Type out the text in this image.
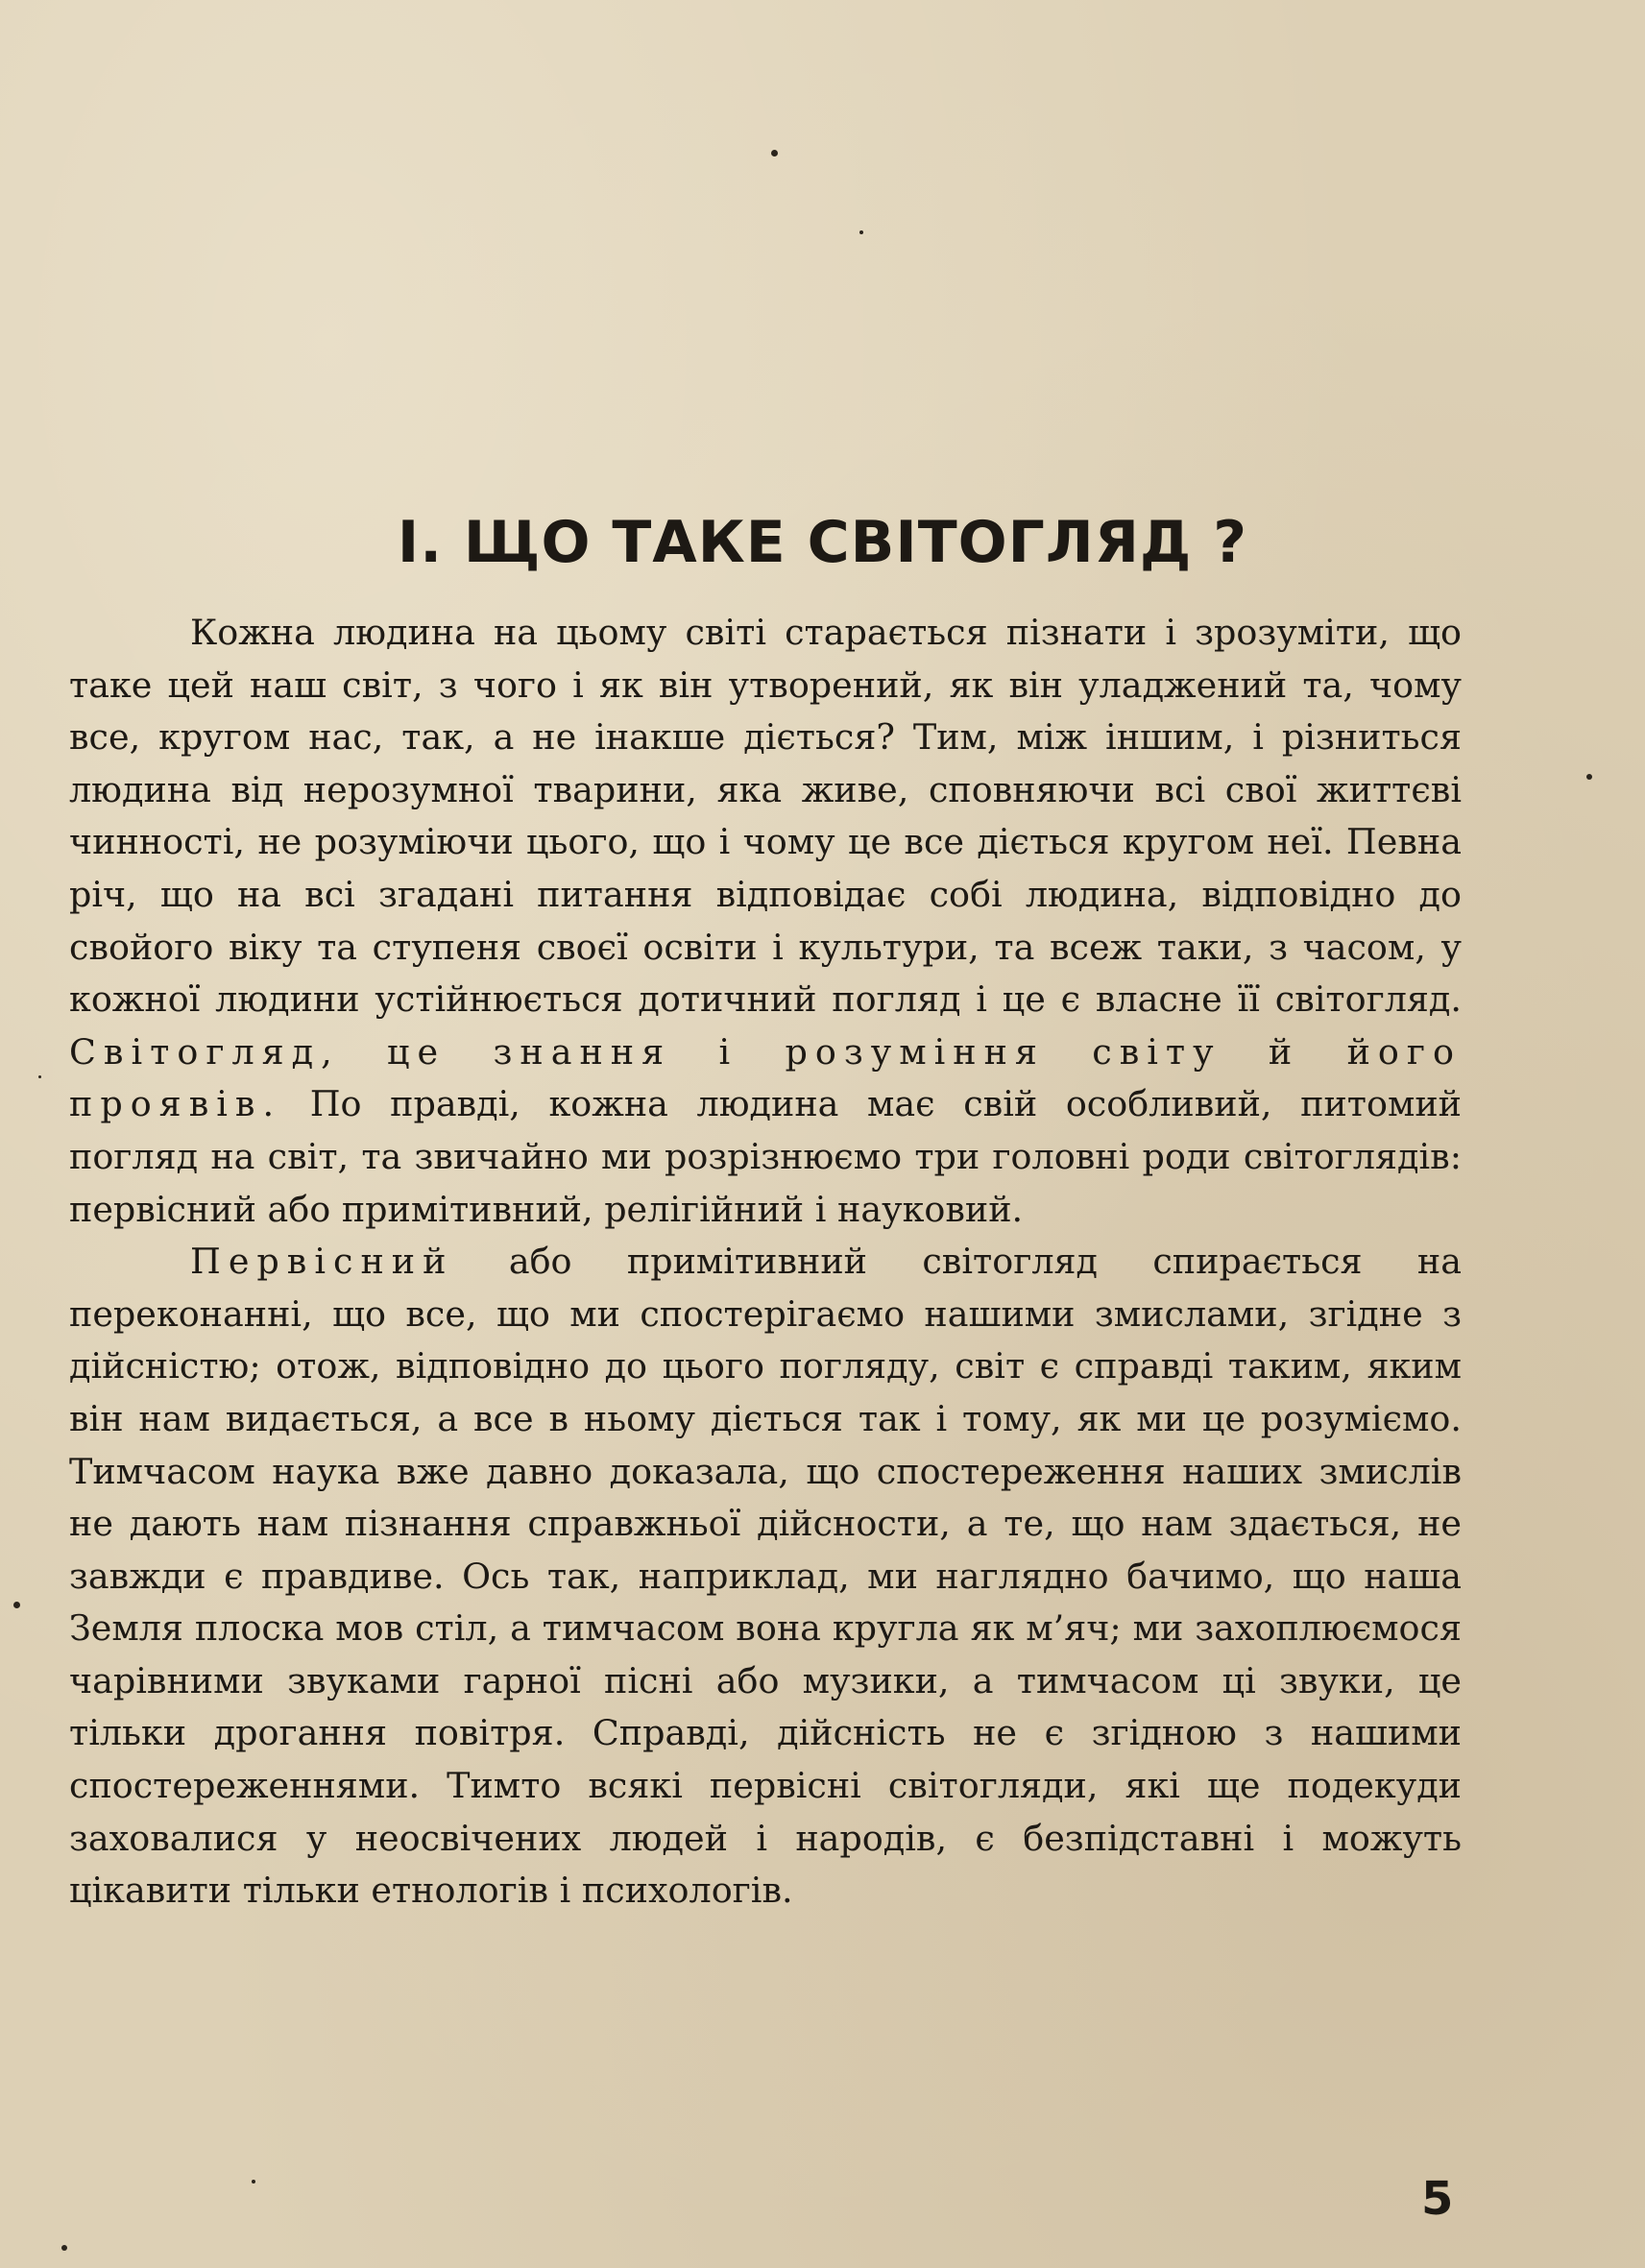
І. ЩО ТАКЕ СВІТОГЛЯД ?

Кожна людина на цьому світі старається пізнати і зрозуміти, що таке цей наш світ, з чого і як він утворений, як він уладжений та, чому все, кругом нас, так, а не інакше діється? Тим, між іншим, і різниться людина від нерозумної тварини, яка живе, сповняючи всі свої життєві чинності, не розуміючи цього, що і чому це все діється кругом неї. Певна річ, що на всі згадані питання відповідає собі людина, відповідно до свойого віку та ступеня своєї освіти і культури, та всеж таки, з часом, у кожної людини устійнюється дотичний погляд і це є власне її світогляд. Світогляд, це знання і розуміння світу й його проявів. По правді, кожна людина має свій особливий, питомий погляд на світ, та звичайно ми розрізнюємо три головні роди світоглядів: первісний або примітивний, релігійний і науковий.

Первісний або примітивний світогляд спирається на переконанні, що все, що ми спостерігаємо нашими змислами, згідне з дійсністю; отож, відповідно до цього погляду, світ є справді таким, яким він нам видається, а все в ньому діється так і тому, як ми це розуміємо. Тимчасом наука вже давно доказала, що спостереження наших змислів не дають нам пізнання справжньої дійсности, а те, що нам здається, не завжди є правдиве. Ось так, наприклад, ми наглядно бачимо, що наша Земля плоска мов стіл, а тимчасом вона кругла як м’яч; ми захоплюємося чарівними звуками гарної пісні або музики, а тимчасом ці звуки, це тільки дрогання повітря. Справді, дійсність не є згідною з нашими спостереженнями. Тимто всякі первісні світогляди, які ще подекуди заховалися у неосвічених людей і народів, є безпідставні і можуть цікавити тільки етнологів і психологів.

5
